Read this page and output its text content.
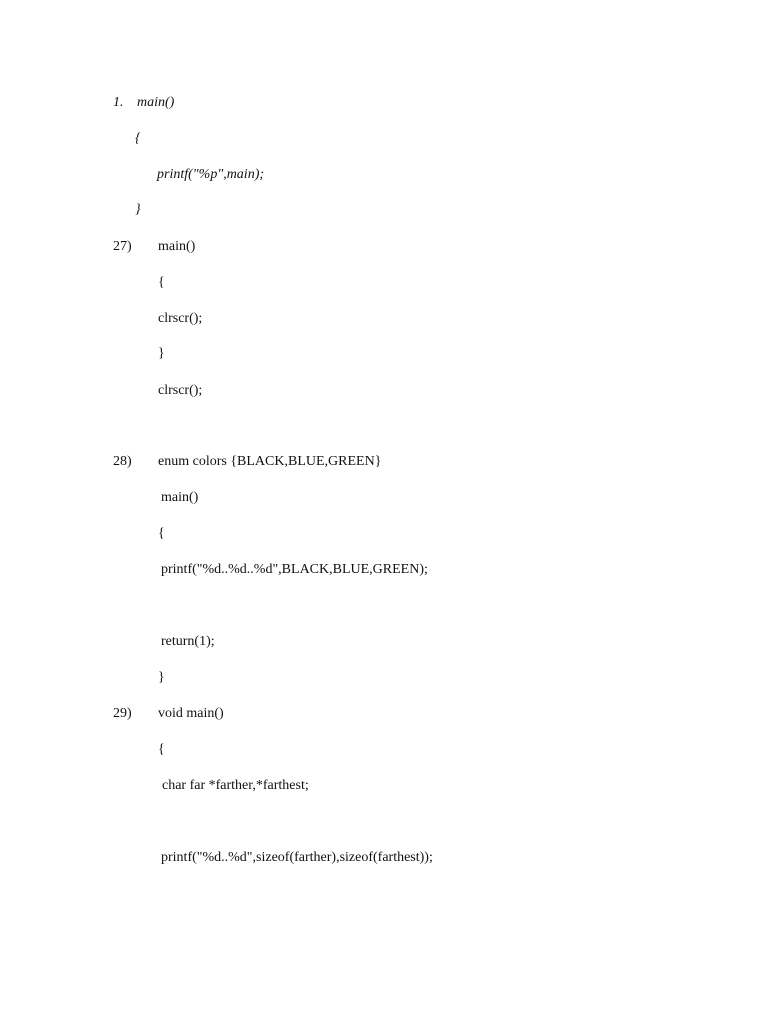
1. main()
{
printf("%p",main);
}
27) main()
{
clrscr();
}
clrscr();
28) enum colors {BLACK,BLUE,GREEN}
main()
{
printf("%d..%d..%d",BLACK,BLUE,GREEN);
return(1);
}
29) void main()
{
char far *farther,*farthest;
printf("%d..%d",sizeof(farther),sizeof(farthest));
